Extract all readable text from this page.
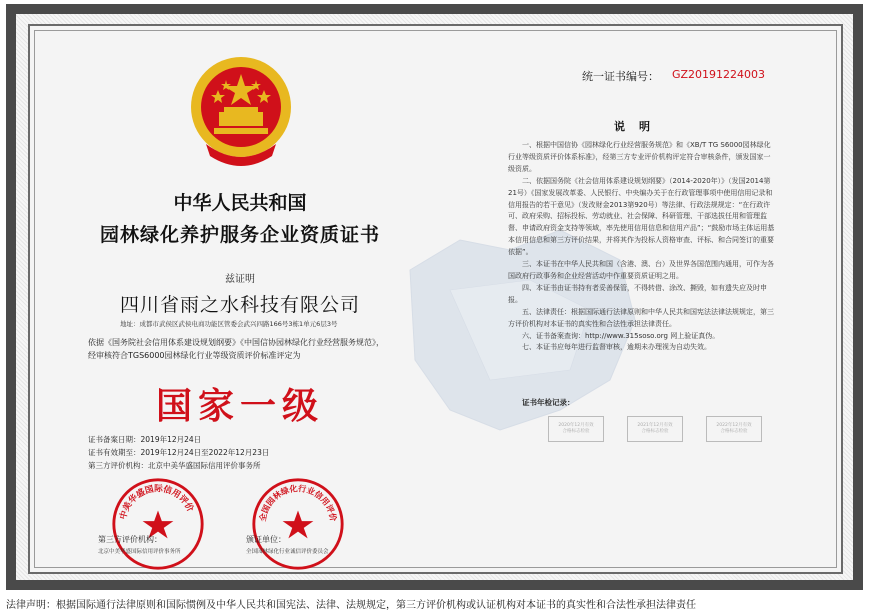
中华人民共和国
园林绿化养护服务企业资质证书
兹证明
四川省雨之水科技有限公司
地址：成都市武侯区武侯电商功能区管委会武兴四路166号3栋1单元6层3号
依据《国务院社会信用体系建设规划纲要》《中国信协园林绿化行业经营服务规范》，经审核符合TGS6000园林绿化行业等级资质评价标准评定为
国家一级
证书备案日期：2019年12月24日
证书有效期至：2019年12月24日至2022年12月23日
第三方评价机构：北京中美华盛国际信用评价事务所
中美华盛国际信用评价
第三方评价机构：
北京中美华盛国际信用评价事务所
全国园林绿化行业信用评价
颁证单位：
全国园林绿化行业诚信评价委员会
统一证书编号： GZ20191224003
说明

一、根据中国信协《园林绿化行业经营服务规范》和《XB/T TG S6000园林绿化行业等级资质评价体系标准》，经第三方专业评价机构评定符合审核条件，颁发国家一级资质。

二、依据国务院《社会信用体系建设规划纲要》（2014-2020年）》（发国2014第21号）《国家发展改革委、人民银行、中央编办关于在行政管理事项中使用信用记录和信用报告的若干意见》（发改财金2013第920号）等法律、行政法规规定：“在行政许可、政府采购、招标投标、劳动就业、社会保障、科研管理、干部选拔任用和管理监督、申请政府资金支持等领域，率先使用信用信息和信用产品”；“鼓励市场主体运用基本信用信息和第三方评价结果，并将其作为投标人资格审查、评标、和合同签订的重要依据”。

三、本证书在中华人民共和国（含港、澳、台）及世界各国范围内通用，可作为各国政府行政事务和企业经营活动中作重要资质证明之用。

四、本证书由证书持有者妥善保管，不得转借、涂改、撕毁，如有遗失应及时申报。

五、法律责任：根据国际通行法律原则和中华人民共和国宪法法律法规规定，第三方评价机构对本证书的真实性和合法性承担法律责任。

六、证书备案查询：http://www.315soso.org 网上验证真伪。

七、本证书应每年进行监督审核，逾期未办理视为自动失效。

证书年检记录：
2020年12月有效
合格标志检验
2021年12月有效
合格标志检验
2022年12月有效
合格标志检验
法律声明：根据国际通行法律原则和国际惯例及中华人民共和国宪法、法律、法规规定，第三方评价机构或认证机构对本证书的真实性和合法性承担法律责任
